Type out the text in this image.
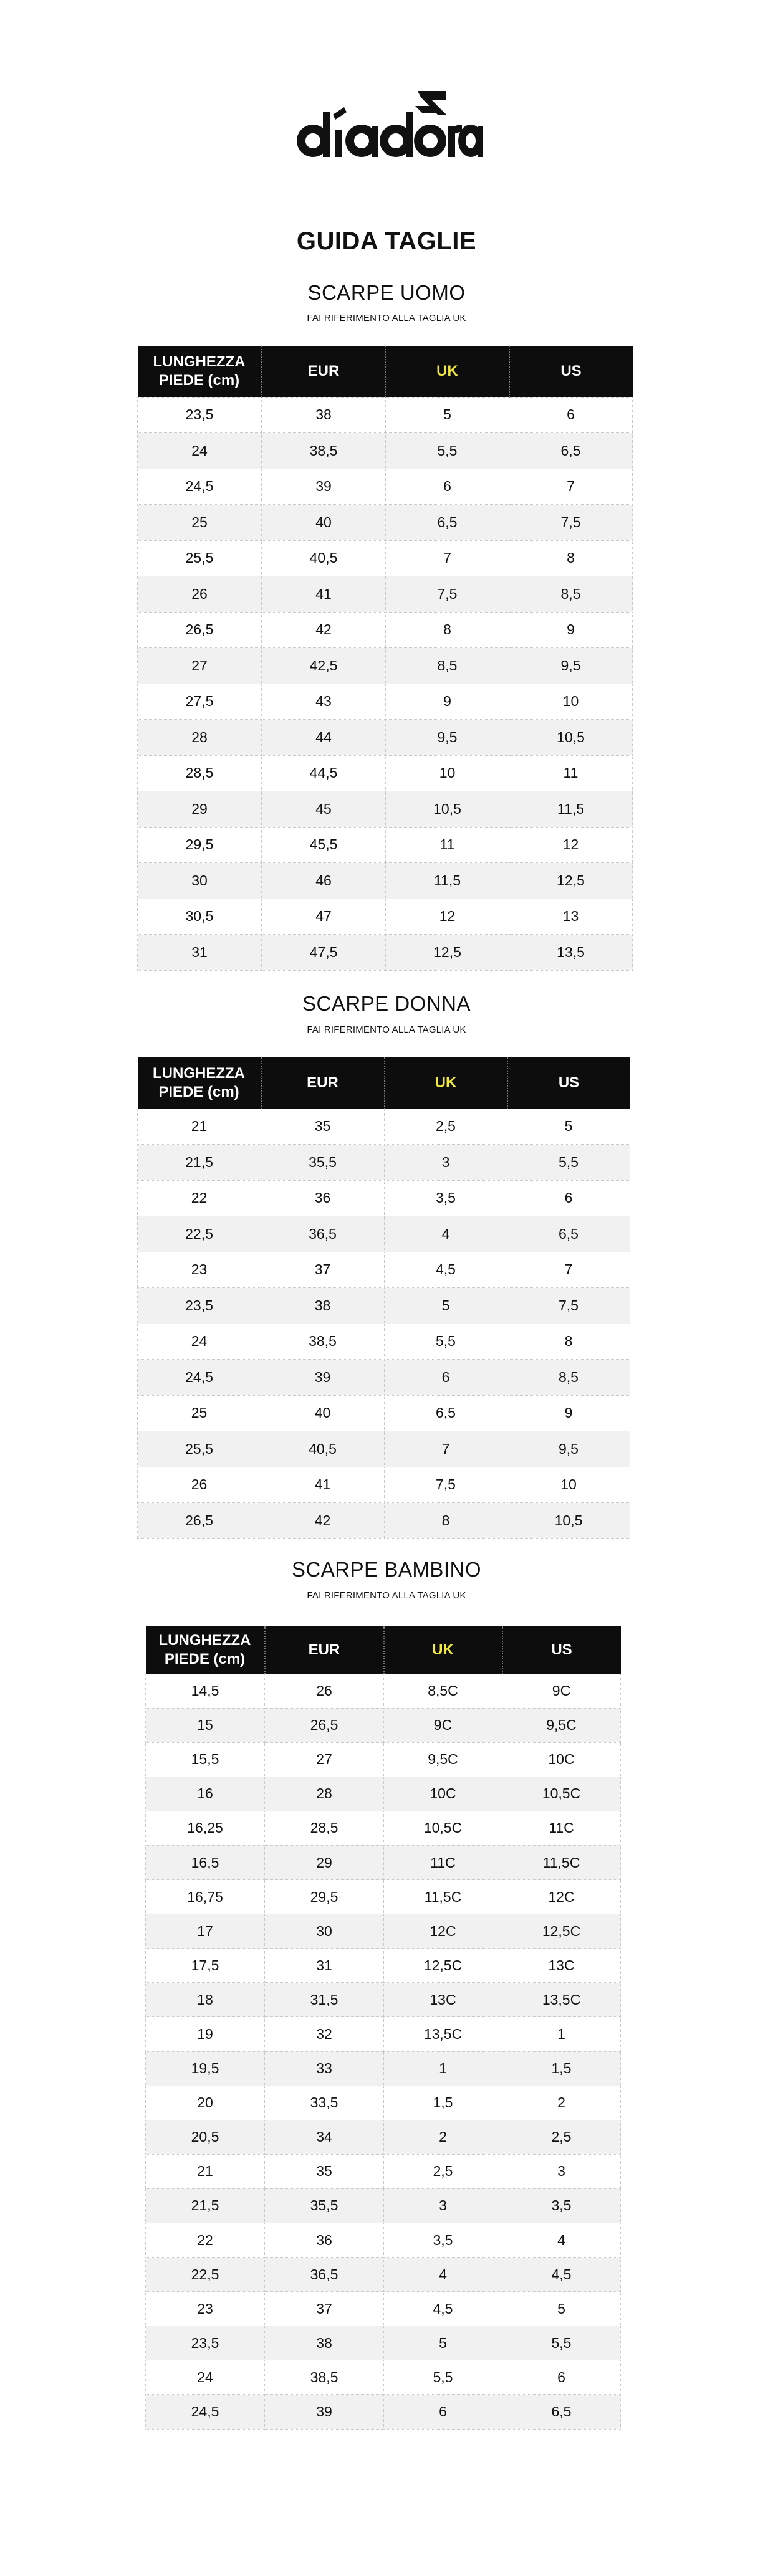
GUIDA TAGLIE
SCARPE UOMO
FAI RIFERIMENTO ALLA TAGLIA UK
LUNGHEZZA PIEDE (cm)	EUR	UK	US
23,5	38	5	6
24	38,5	5,5	6,5
24,5	39	6	7
25	40	6,5	7,5
25,5	40,5	7	8
26	41	7,5	8,5
26,5	42	8	9
27	42,5	8,5	9,5
27,5	43	9	10
28	44	9,5	10,5
28,5	44,5	10	11
29	45	10,5	11,5
29,5	45,5	11	12
30	46	11,5	12,5
30,5	47	12	13
31	47,5	12,5	13,5
SCARPE DONNA
FAI RIFERIMENTO ALLA TAGLIA UK
LUNGHEZZA PIEDE (cm)	EUR	UK	US
21	35	2,5	5
21,5	35,5	3	5,5
22	36	3,5	6
22,5	36,5	4	6,5
23	37	4,5	7
23,5	38	5	7,5
24	38,5	5,5	8
24,5	39	6	8,5
25	40	6,5	9
25,5	40,5	7	9,5
26	41	7,5	10
26,5	42	8	10,5
SCARPE BAMBINO
FAI RIFERIMENTO ALLA TAGLIA UK
LUNGHEZZA PIEDE (cm)	EUR	UK	US
14,5	26	8,5C	9C
15	26,5	9C	9,5C
15,5	27	9,5C	10C
16	28	10C	10,5C
16,25	28,5	10,5C	11C
16,5	29	11C	11,5C
16,75	29,5	11,5C	12C
17	30	12C	12,5C
17,5	31	12,5C	13C
18	31,5	13C	13,5C
19	32	13,5C	1
19,5	33	1	1,5
20	33,5	1,5	2
20,5	34	2	2,5
21	35	2,5	3
21,5	35,5	3	3,5
22	36	3,5	4
22,5	36,5	4	4,5
23	37	4,5	5
23,5	38	5	5,5
24	38,5	5,5	6
24,5	39	6	6,5
